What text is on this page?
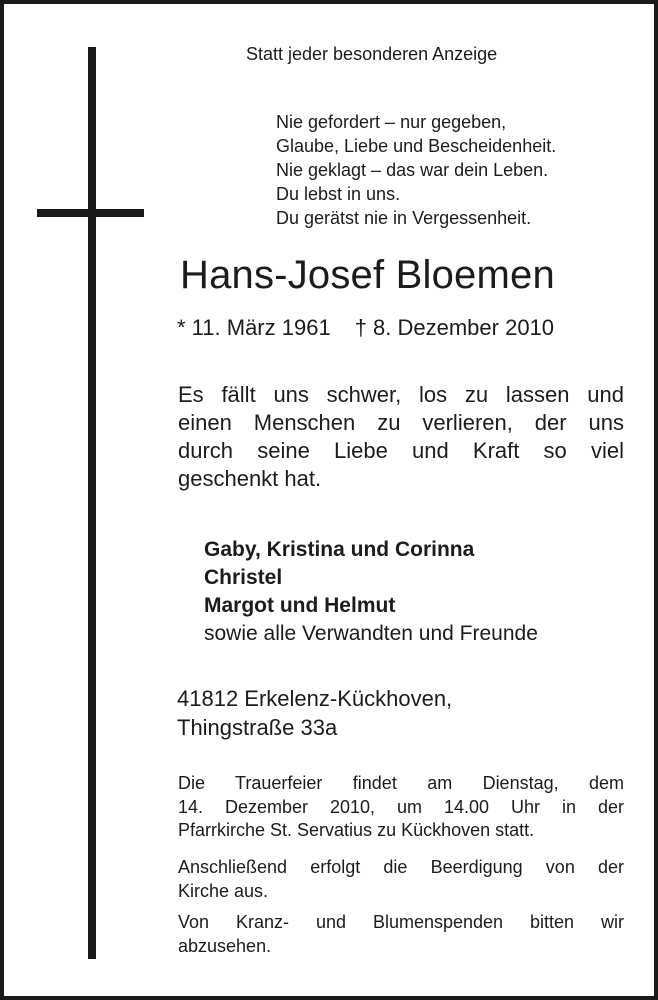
Statt jeder besonderen Anzeige
Nie gefordert – nur gegeben,
Glaube, Liebe und Bescheidenheit.
Nie geklagt – das war dein Leben.
Du lebst in uns.
Du gerätst nie in Vergessenheit.
Hans-Josef Bloemen
* 11. März 1961 † 8. Dezember 2010
Es fällt uns schwer, los zu lassen und
einen Menschen zu verlieren, der uns
durch seine Liebe und Kraft so viel
geschenkt hat.
Gaby, Kristina und Corinna
Christel
Margot und Helmut
sowie alle Verwandten und Freunde
41812 Erkelenz-Kückhoven,
Thingstraße 33a
Die Trauerfeier findet am Dienstag, dem
14. Dezember 2010, um 14.00 Uhr in der
Pfarrkirche St. Servatius zu Kückhoven statt.
Anschließend erfolgt die Beerdigung von der
Kirche aus.
Von Kranz- und Blumenspenden bitten wir
abzusehen.
